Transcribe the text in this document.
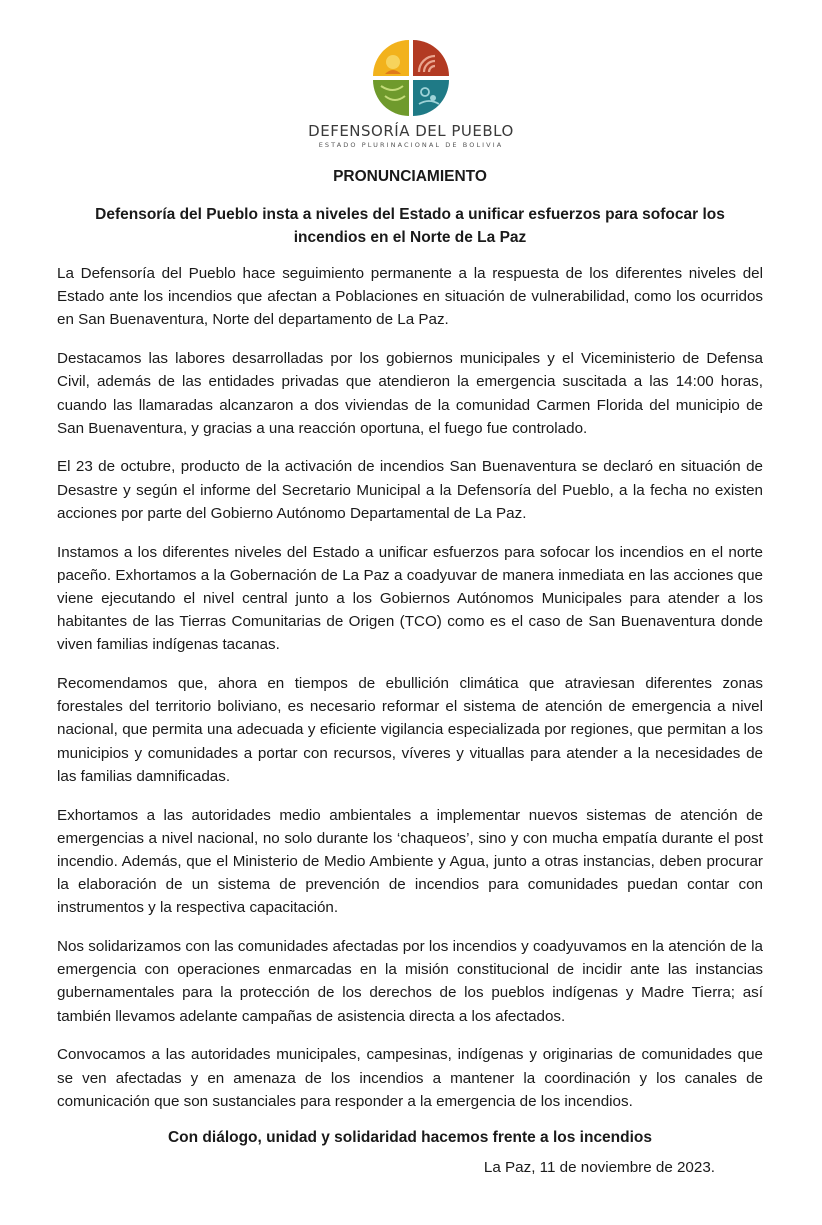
DEFENSORÍA DEL PUEBLO
ESTADO PLURINACIONAL DE BOLIVIA

PRONUNCIAMIENTO

Defensoría del Pueblo insta a niveles del Estado a unificar esfuerzos para sofocar los incendios en el Norte de La Paz

La Defensoría del Pueblo hace seguimiento permanente a la respuesta de los diferentes niveles del Estado ante los incendios que afectan a Poblaciones en situación de vulnerabilidad, como los ocurridos en San Buenaventura, Norte del departamento de La Paz.

Destacamos las labores desarrolladas por los gobiernos municipales y el Viceministerio de Defensa Civil, además de las entidades privadas que atendieron la emergencia suscitada a las 14:00 horas, cuando las llamaradas alcanzaron a dos viviendas de la comunidad Carmen Florida del municipio de San Buenaventura, y gracias a una reacción oportuna, el fuego fue controlado.

El 23 de octubre, producto de la activación de incendios San Buenaventura se declaró en situación de Desastre y según el informe del Secretario Municipal a la Defensoría del Pueblo, a la fecha no existen acciones por parte del Gobierno Autónomo Departamental de La Paz.

Instamos a los diferentes niveles del Estado a unificar esfuerzos para sofocar los incendios en el norte paceño. Exhortamos a la Gobernación de La Paz a coadyuvar de manera inmediata en las acciones que viene ejecutando el nivel central junto a los Gobiernos Autónomos Municipales para atender a los habitantes de las Tierras Comunitarias de Origen (TCO) como es el caso de San Buenaventura donde viven familias indígenas tacanas.

Recomendamos que, ahora en tiempos de ebullición climática que atraviesan diferentes zonas forestales del territorio boliviano, es necesario reformar el sistema de atención de emergencia a nivel nacional, que permita una adecuada y eficiente vigilancia especializada por regiones, que permitan a los municipios y comunidades a portar con recursos, víveres y vituallas para atender a la necesidades de las familias damnificadas.

Exhortamos a las autoridades medio ambientales a implementar nuevos sistemas de atención de emergencias a nivel nacional, no solo durante los ‘chaqueos’, sino y con mucha empatía durante el post incendio. Además, que el Ministerio de Medio Ambiente y Agua, junto a otras instancias, deben procurar la elaboración de un sistema de prevención de incendios para comunidades puedan contar con instrumentos y la respectiva capacitación.

Nos solidarizamos con las comunidades afectadas por los incendios y coadyuvamos en la atención de la emergencia con operaciones enmarcadas en la misión constitucional de incidir ante las instancias gubernamentales para la protección de los derechos de los pueblos indígenas y Madre Tierra; así también llevamos adelante campañas de asistencia directa a los afectados.

Convocamos a las autoridades municipales, campesinas, indígenas y originarias de comunidades que se ven afectadas y en amenaza de los incendios a mantener la coordinación y los canales de comunicación que son sustanciales para responder a la emergencia de los incendios.

Con diálogo, unidad y solidaridad hacemos frente a los incendios

La Paz, 11 de noviembre de 2023.
